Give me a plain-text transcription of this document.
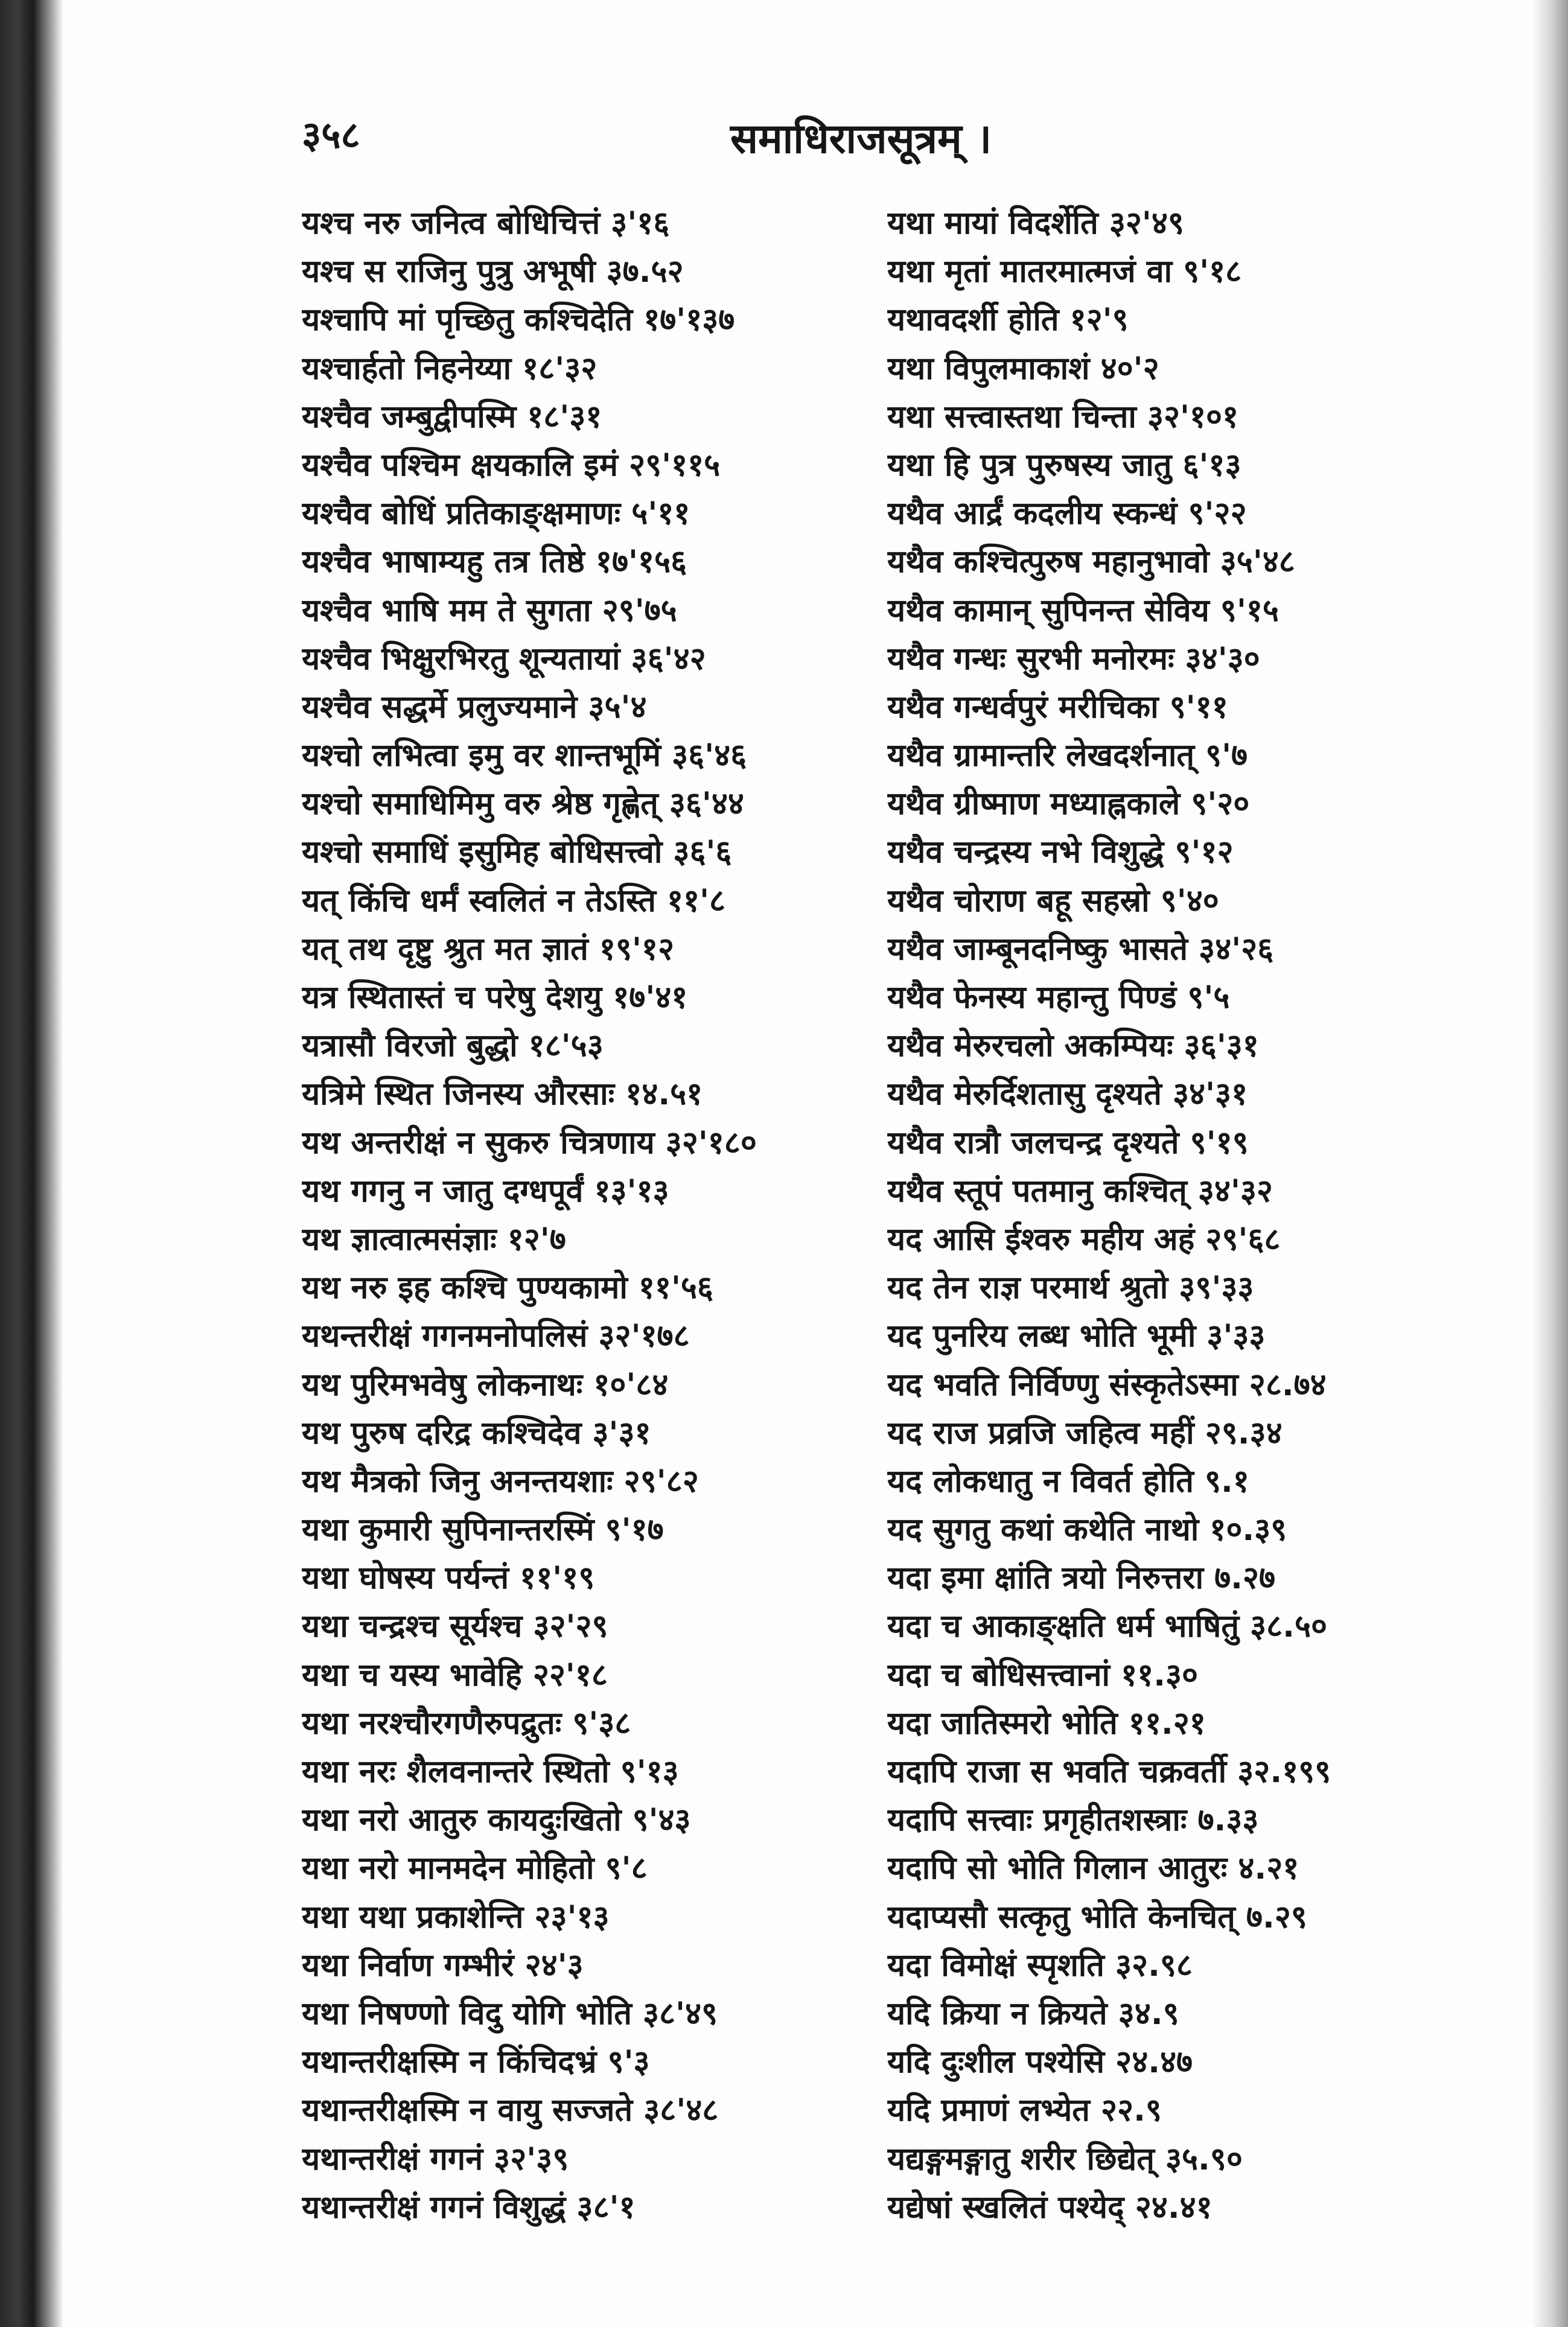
३५८	समाधिराजसूत्रम् ।
यश्च नरु जनित्व बोधिचित्तं ३'१६
यश्च स राजिनु पुत्रु अभूषी ३७.५२
यश्चापि मां पृच्छितु कश्चिदेति १७'१३७
यश्चार्हतो निहनेय्या १८'३२
यश्चैव जम्बुद्वीपस्मि १८'३१
यश्चैव पश्चिम क्षयकालि इमं २९'११५
यश्चैव बोधिं प्रतिकाङ्क्षमाणः ५'११
यश्चैव भाषाम्यहु तत्र तिष्ठे १७'१५६
यश्चैव भाषि मम ते सुगता २९'७५
यश्चैव भिक्षुरभिरतु शून्यतायां ३६'४२
यश्चैव सद्धर्मे प्रलुज्यमाने ३५'४
यश्चो लभित्वा इमु वर शान्तभूमिं ३६'४६
यश्चो समाधिमिमु वरु श्रेष्ठ गृह्णेत् ३६'४४
यश्चो समाधिं इसुमिह बोधिसत्त्वो ३६'६
यत् किंचि धर्मं स्वलितं न तेऽस्ति ११'८
यत् तथ दृष्टु श्रुत मत ज्ञातं १९'१२
यत्र स्थितास्तं च परेषु देशयु १७'४१
यत्रासौ विरजो बुद्धो १८'५३
यत्रिमे स्थित जिनस्य औरसाः १४.५१
यथ अन्तरीक्षं न सुकरु चित्रणाय ३२'१८०
यथ गगनु न जातु दग्धपूर्वं १३'१३
यथ ज्ञात्वात्मसंज्ञाः १२'७
यथ नरु इह कश्चि पुण्यकामो ११'५६
यथन्तरीक्षं गगनमनोपलिसं ३२'१७८
यथ पुरिमभवेषु लोकनाथः १०'८४
यथ पुरुष दरिद्र कश्चिदेव ३'३१
यथ मैत्रको जिनु अनन्तयशाः २९'८२
यथा कुमारी सुपिनान्तरस्मिं ९'१७
यथा घोषस्य पर्यन्तं ११'१९
यथा चन्द्रश्च सूर्यश्च ३२'२९
यथा च यस्य भावेहि २२'१८
यथा नरश्चौरगणैरुपद्रुतः ९'३८
यथा नरः शैलवनान्तरे स्थितो ९'१३
यथा नरो आतुरु कायदुःखितो ९'४३
यथा नरो मानमदेन मोहितो ९'८
यथा यथा प्रकाशेन्ति २३'१३
यथा निर्वाण गम्भीरं २४'३
यथा निषण्णो विदु योगि भोति ३८'४९
यथान्तरीक्षस्मि न किंचिदभ्रं ९'३
यथान्तरीक्षस्मि न वायु सज्जते ३८'४८
यथान्तरीक्षं गगनं ३२'३९
यथान्तरीक्षं गगनं विशुद्धं ३८'१
यथा मायां विदर्शेति ३२'४९
यथा मृतां मातरमात्मजं वा ९'१८
यथावदर्शी होति १२'९
यथा विपुलमाकाशं ४०'२
यथा सत्त्वास्तथा चिन्ता ३२'१०१
यथा हि पुत्र पुरुषस्य जातु ६'१३
यथैव आर्द्रं कदलीय स्कन्धं ९'२२
यथैव कश्चित्पुरुष महानुभावो ३५'४८
यथैव कामान् सुपिनन्त सेविय ९'१५
यथैव गन्धः सुरभी मनोरमः ३४'३०
यथैव गन्धर्वपुरं मरीचिका ९'११
यथैव ग्रामान्तरि लेखदर्शनात् ९'७
यथैव ग्रीष्माण मध्याह्नकाले ९'२०
यथैव चन्द्रस्य नभे विशुद्धे ९'१२
यथैव चोराण बहू सहस्रो ९'४०
यथैव जाम्बूनदनिष्कु भासते ३४'२६
यथैव फेनस्य महान्तु पिण्डं ९'५
यथैव मेरुरचलो अकम्पियः ३६'३१
यथैव मेरुर्दिशतासु दृश्यते ३४'३१
यथैव रात्रौ जलचन्द्र दृश्यते ९'१९
यथैव स्तूपं पतमानु कश्चित् ३४'३२
यद आसि ईश्वरु महीय अहं २९'६८
यद तेन राज्ञ परमार्थ श्रुतो ३९'३३
यद पुनरिय लब्ध भोति भूमी ३'३३
यद भवति निर्विण्णु संस्कृतेऽस्मा २८.७४
यद राज प्रव्रजि जहित्व महीं २९.३४
यद लोकधातु न विवर्त होति ९.१
यद सुगतु कथां कथेति नाथो १०.३९
यदा इमा क्षांति त्रयो निरुत्तरा ७.२७
यदा च आकाङ्क्षति धर्म भाषितुं ३८.५०
यदा च बोधिसत्त्वानां ११.३०
यदा जातिस्मरो भोति ११.२१
यदापि राजा स भवति चक्रवर्ती ३२.१९९
यदापि सत्त्वाः प्रगृहीतशस्त्राः ७.३३
यदापि सो भोति गिलान आतुरः ४.२१
यदाप्यसौ सत्कृतु भोति केनचित् ७.२९
यदा विमोक्षं स्पृशति ३२.९८
यदि क्रिया न क्रियते ३४.९
यदि दुःशील पश्येसि २४.४७
यदि प्रमाणं लभ्येत २२.९
यद्यङ्गमङ्गातु शरीर छिद्येत् ३५.९०
यद्येषां स्खलितं पश्येद् २४.४१
